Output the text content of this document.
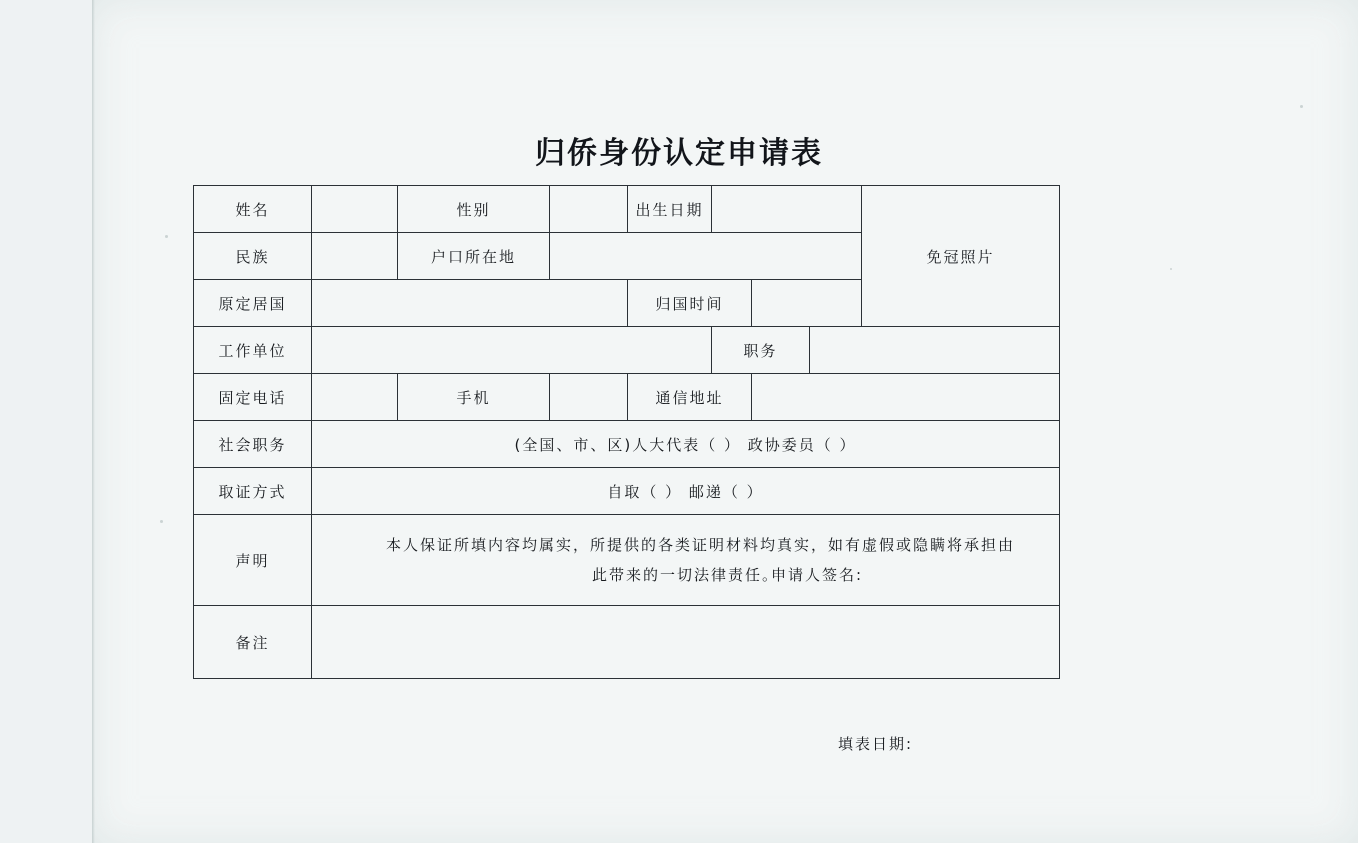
归侨身份认定申请表
姓名		性别		出生日期				免冠照片
民族		户口所在地						
原定居国				归国时间				
工作单位					职务			
固定电话		手机		通信地址				
社会职务	(全国、市、区)人大代表（ ） 政协委员（ ）							
取证方式	自取（ ） 邮递（ ）							
声明	本人保证所填内容均属实，所提供的各类证明材料均真实，如有虚假或隐瞒将承担由
此带来的一切法律责任。
申请人签名:							

备注								
填表日期:
